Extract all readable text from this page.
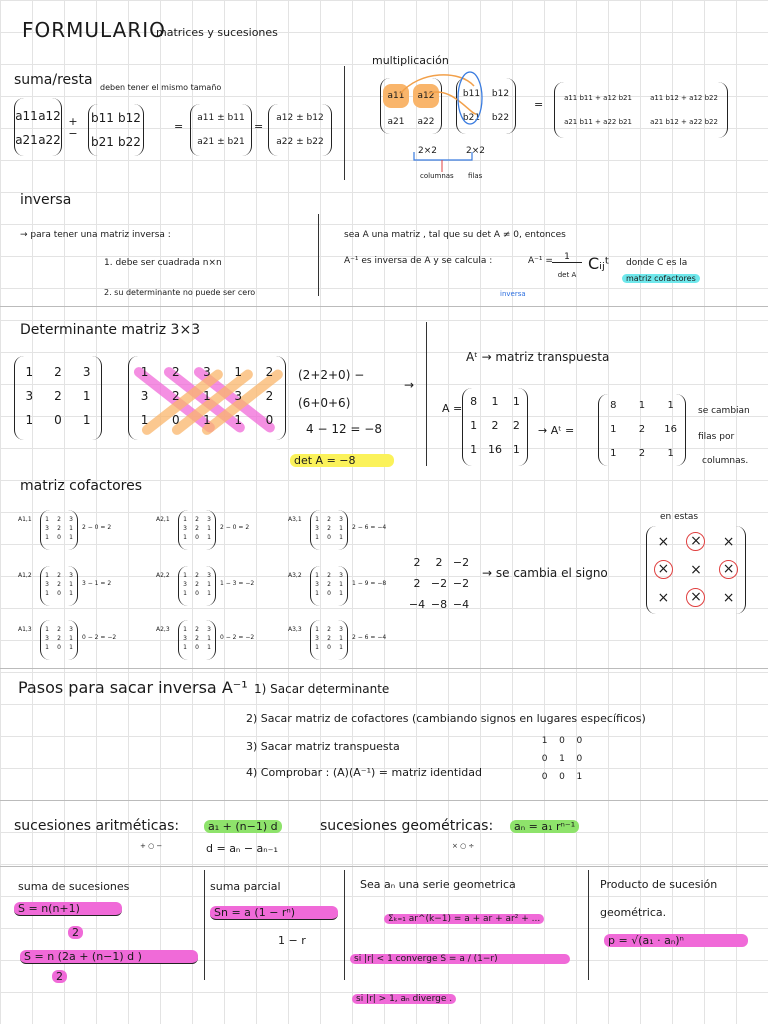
FORMULARIO
matrices y sucesiones
suma/resta deben tener el mismo tamaño
a11 a12
a21 a22
+ −
b11 b12
b21 b22
=
a11 ± b11
a21 ± b21
=
a12 ± b12
a22 ± b22
multiplicación
a11	a12
a21	a22
b11	b12
b21	b22
2×2	2×2
columnas filas
=	a11 b11 + a12 b21	a11 b12 + a12 b22
a21 b11 + a22 b21	a21 b12 + a22 b22
inversa
→ para tener una matriz inversa :
1. debe ser cuadrada n×n
2. su determinante no puede ser cero
sea A una matriz , tal que su det A ≠ 0, entonces
A⁻¹ es inversa de A y se calcula :	A⁻¹ =	1
det A
Cᵢⱼᵗ donde C es la
matriz cofactores
inversa
Determinante matriz 3×3
1	2	3
3	2	1
1	0	1
1	2	3	1	2
3	2	1	3	2
1	0	1	1	0
(2+2+0) −
(6+0+6)
4 − 12 = −8
det A = −8
→
Aᵗ → matriz transpuesta
A =
8	1	1
1	2	2
1 16 1
→ Aᵗ =
8	1	1
1	2	16
1	2	1
se cambian
filas por
columnas.
matriz cofactores
A1,1	1	2	3
3	2	1
1	0	1
2 − 0 = 2
A2,1	1	2	3
3	2	1
1	0	1
2 − 0 = 2
A3,1	1	2	3
3	2	1
1	0	1
2 − 6 = −4
A1,2	1	2	3
3	2	1
1	0	1
3 − 1 = 2
A2,2	1	2	3
3	2	1
1	0	1
1 − 3 = −2
A3,2	1	2	3
3	2	1
1	0	1
1 − 9 = −8
A1,3	1	2	3
3	2	1
1	0	1
0 − 2 = −2
A2,3	1	2	3
3	2	1
1	0	1
0 − 2 = −2
A3,3	1	2	3
3	2	1
1	0	1
2 − 6 = −4
2	2 −2
2 −2 −2
−4 −8 −4
→ se cambia el signo
en estas
× × ×
× × ×
× × ×
Pasos para sacar inversa A⁻¹ 1) Sacar determinante
2) Sacar matriz de cofactores (cambiando signos en lugares específicos)
3) Sacar matriz transpuesta
4) Comprobar : (A)(A⁻¹) = matriz identidad
1	0	0
0	1	0
0	0	1
sucesiones aritméticas:	a₁ + (n−1) d
+ ○ −	d = aₙ − aₙ₋₁
sucesiones geométricas:	aₙ = a₁ rⁿ⁻¹
× ○ ÷
suma de sucesiones
S = n(n+1)
2
S = n (2a + (n−1) d )
2
suma parcial
Sn = a (1 − rⁿ)
1 − r
Sea aₙ una serie geometrica
Σₖ₌₁ ar^(k−1) = a + ar + ar² + ...
si |r| < 1 converge S = a / (1−r)
si |r| > 1, aₙ diverge .
Producto de sucesión
geométrica.
p = √(a₁ · aₙ)ⁿ
